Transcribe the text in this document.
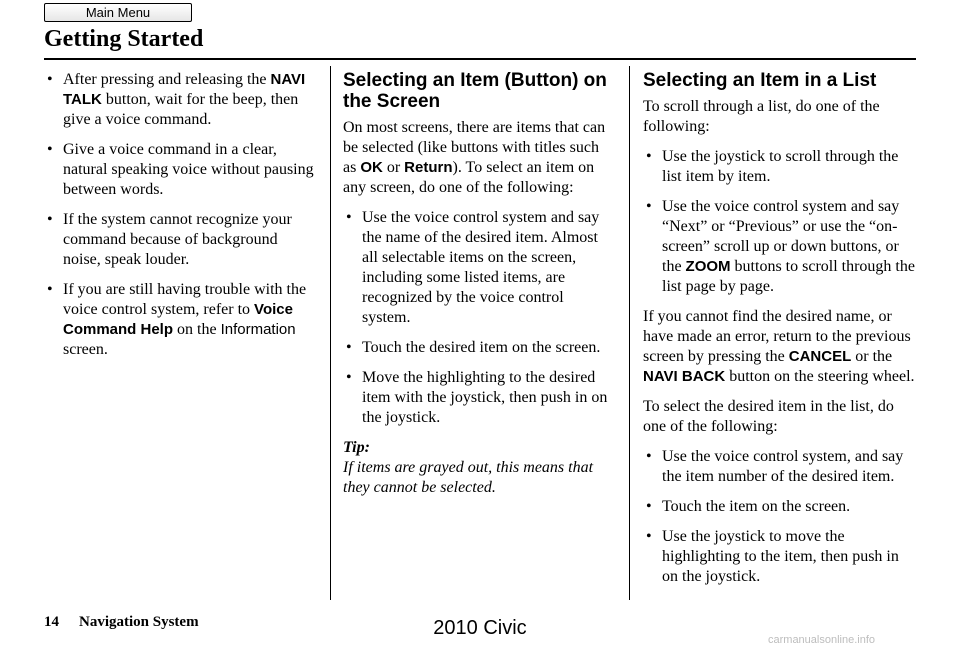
Main Menu
Getting Started
• After pressing and releasing the NAVI TALK button, wait for the beep, then give a voice command.
• Give a voice command in a clear, natural speaking voice without pausing between words.
• If the system cannot recognize your command because of background noise, speak louder.
• If you are still having trouble with the voice control system, refer to Voice Command Help on the Information screen.
Selecting an Item (Button) on the Screen

On most screens, there are items that can be selected (like buttons with titles such as OK or Return). To select an item on any screen, do one of the following:

• Use the voice control system and say the name of the desired item. Almost all selectable items on the screen, including some listed items, are recognized by the voice control system.
• Touch the desired item on the screen.
• Move the highlighting to the desired item with the joystick, then push in on the joystick.

Tip:

If items are grayed out, this means that they cannot be selected.

Selecting an Item in a List

To scroll through a list, do one of the following:

• Use the joystick to scroll through the list item by item.
• Use the voice control system and say “Next” or “Previous” or use the “on-screen” scroll up or down buttons, or the ZOOM buttons to scroll through the list page by page.

If you cannot find the desired name, or have made an error, return to the previous screen by pressing the CANCEL or the NAVI BACK button on the steering wheel.

To select the desired item in the list, do one of the following:

• Use the voice control system, and say the item number of the desired item.
• Touch the item on the screen.
• Use the joystick to move the highlighting to the item, then push in on the joystick.
14 Navigation System	2010 Civic
carmanualsonline.info
